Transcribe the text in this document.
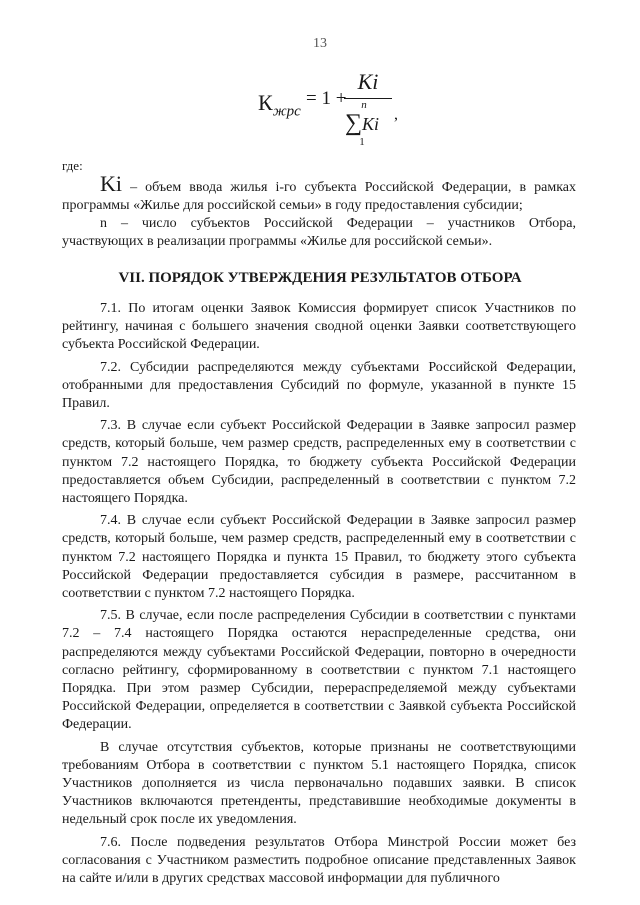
13
$К_{жрс}$
= 1 +
Ki
n
∑Ki
1
,
где:

Ki – объем ввода жилья i-го субъекта Российской Федерации, в рамках программы «Жилье для российской семьи» в году предоставления субсидии;

n – число субъектов Российской Федерации – участников Отбора, участвующих в реализации программы «Жилье для российской семьи».

VII. ПОРЯДОК УТВЕРЖДЕНИЯ РЕЗУЛЬТАТОВ ОТБОРА

7.1. По итогам оценки Заявок Комиссия формирует список Участников по рейтингу, начиная с большего значения сводной оценки Заявки соответствующего субъекта Российской Федерации.

7.2. Субсидии распределяются между субъектами Российской Федерации, отобранными для предоставления Субсидий по формуле, указанной в пункте 15 Правил.

7.3. В случае если субъект Российской Федерации в Заявке запросил размер средств, который больше, чем размер средств, распределенных ему в соответствии с пунктом 7.2 настоящего Порядка, то бюджету субъекта Российской Федерации предоставляется объем Субсидии, распределенный в соответствии с пунктом 7.2 настоящего Порядка.

7.4. В случае если субъект Российской Федерации в Заявке запросил размер средств, который больше, чем размер средств, распределенный ему в соответствии с пунктом 7.2 настоящего Порядка и пункта 15 Правил, то бюджету этого субъекта Российской Федерации предоставляется субсидия в размере, рассчитанном в соответствии с пунктом 7.2 настоящего Порядка.

7.5. В случае, если после распределения Субсидии в соответствии с пунктами 7.2 – 7.4 настоящего Порядка остаются нераспределенные средства, они распределяются между субъектами Российской Федерации, повторно в очередности согласно рейтингу, сформированному в соответствии с пунктом 7.1 настоящего Порядка. При этом размер Субсидии, перераспределяемой между субъектами Российской Федерации, определяется в соответствии с Заявкой субъекта Российской Федерации.

В случае отсутствия субъектов, которые признаны не соответствующими требованиям Отбора в соответствии с пунктом 5.1 настоящего Порядка, список Участников дополняется из числа первоначально подавших заявки. В список Участников включаются претенденты, представившие необходимые документы в недельный срок после их уведомления.

7.6. После подведения результатов Отбора Минстрой России может без согласования с Участником разместить подробное описание представленных Заявок на сайте и/или в других средствах массовой информации для публичного
